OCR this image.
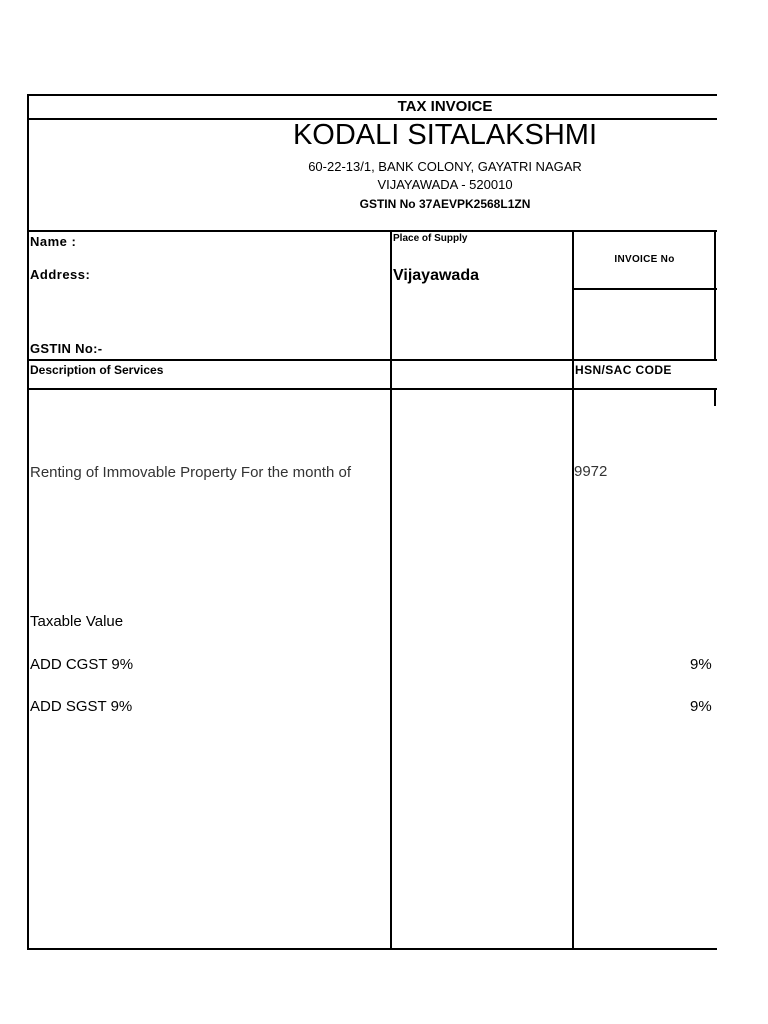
TAX INVOICE
KODALI SITALAKSHMI
60-22-13/1, BANK COLONY, GAYATRI NAGAR
VIJAYAWADA - 520010
GSTIN No 37AEVPK2568L1ZN
Name :
Address:
GSTIN No:-
Place of Supply
Vijayawada
INVOICE No
Description of Services	HSN/SAC CODE
Renting of Immovable Property For the month of	9972
Taxable Value
ADD CGST 9%	9%
ADD SGST 9%	9%
